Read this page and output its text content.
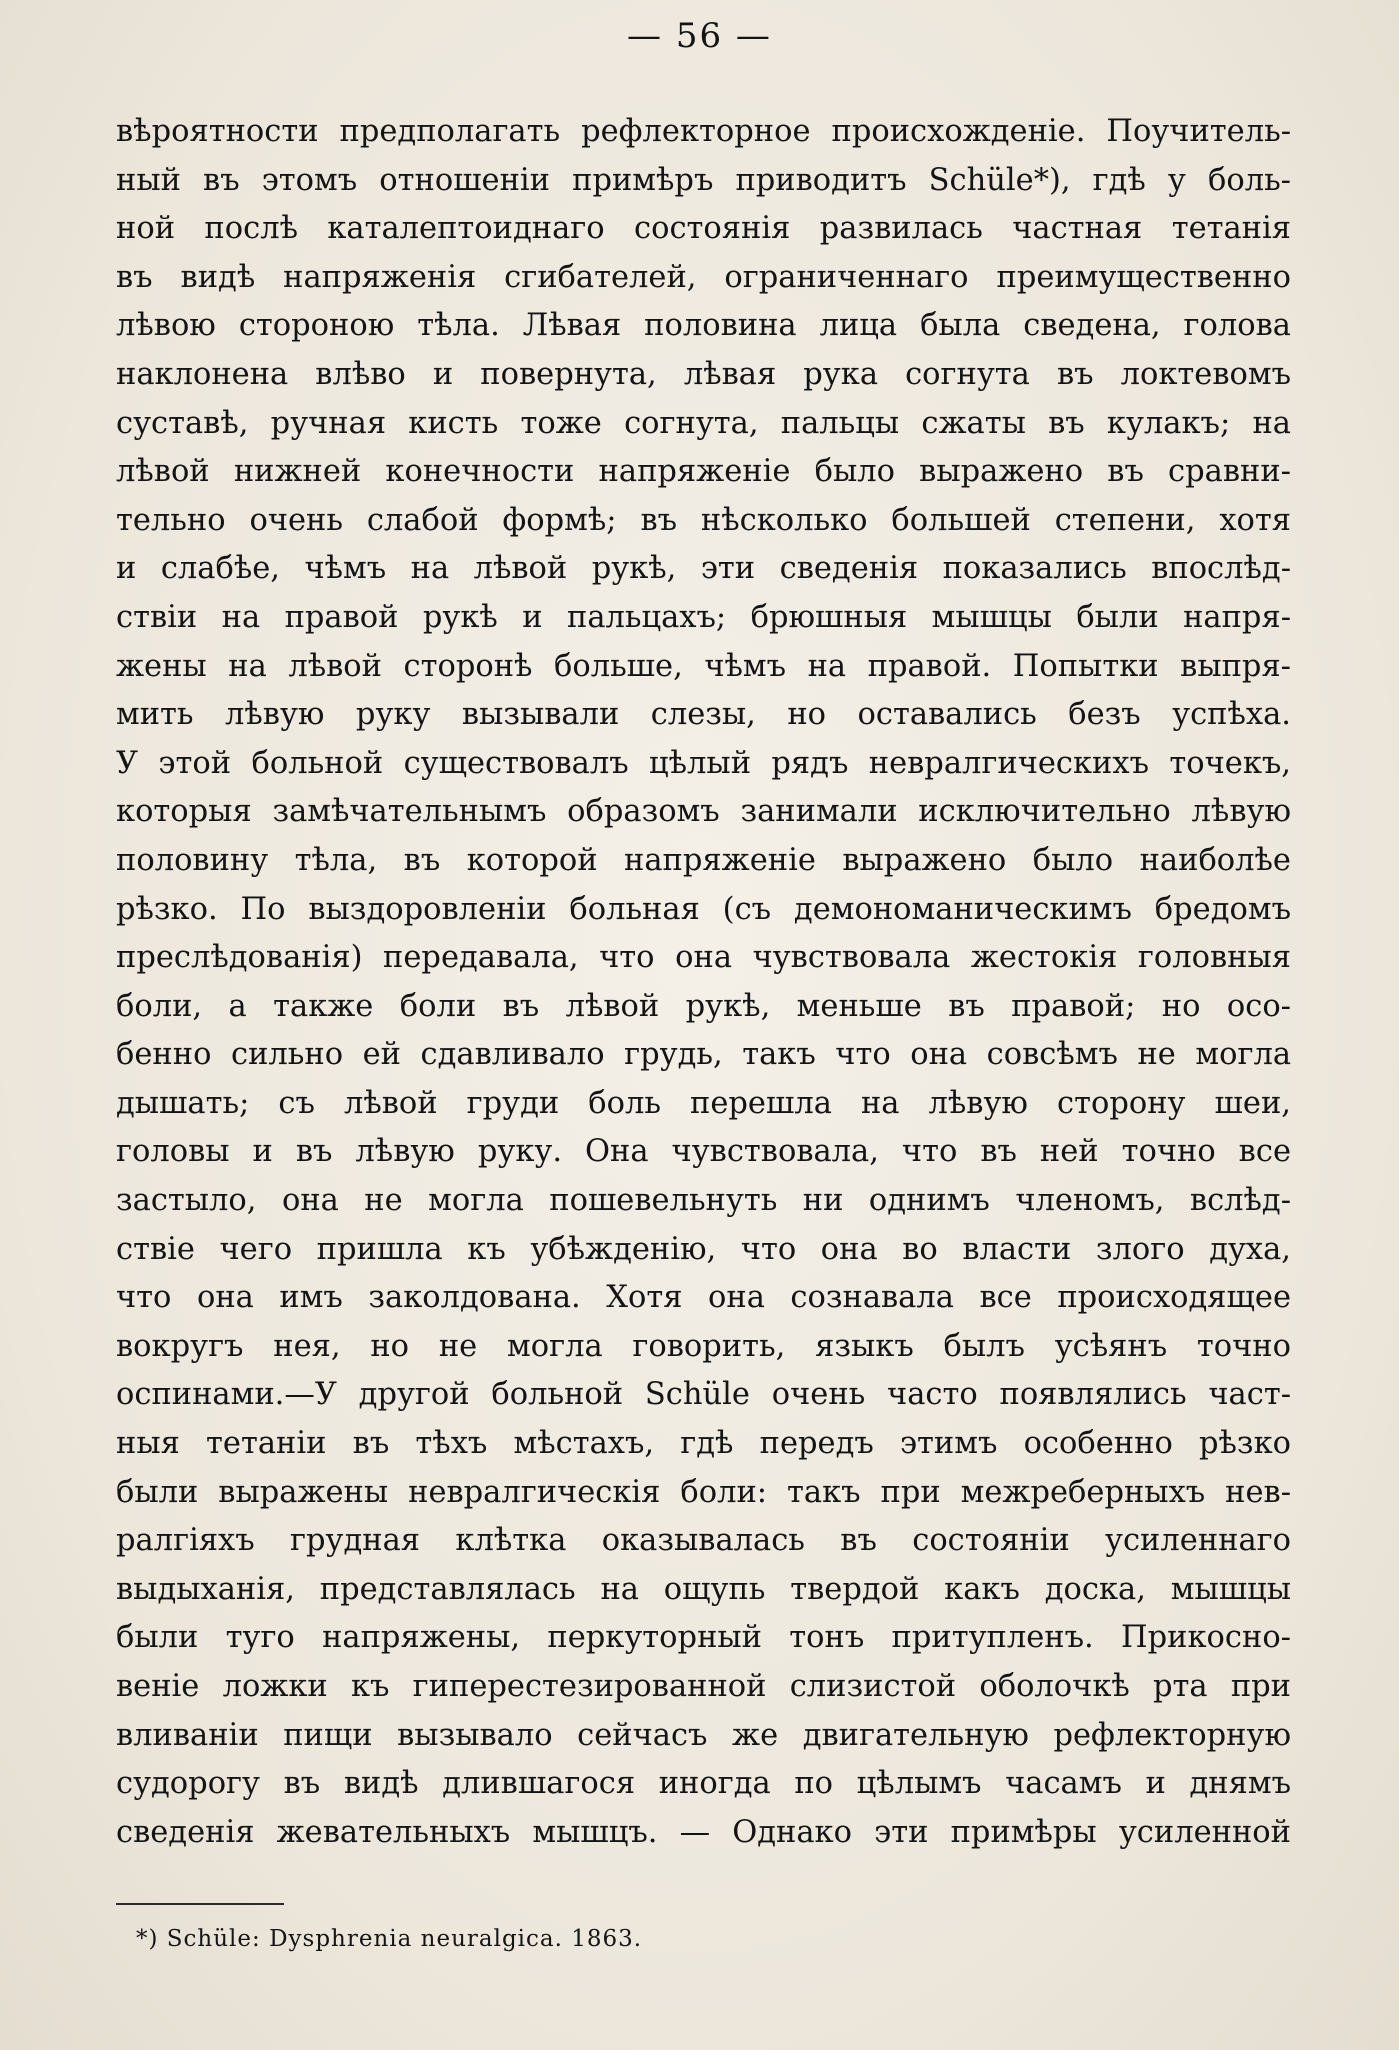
— 56 —
вѣроятности предполагать рефлекторное происхожденіе. Поучитель-
ный въ этомъ отношеніи примѣръ приводитъ Schüle*), гдѣ у боль-
ной послѣ каталептоиднаго состоянія развилась частная тетанія
въ видѣ напряженія сгибателей, ограниченнаго преимущественно
лѣвою стороною тѣла. Лѣвая половина лица была сведена, голова
наклонена влѣво и повернута, лѣвая рука согнута въ локтевомъ
суставѣ, ручная кисть тоже согнута, пальцы сжаты въ кулакъ; на
лѣвой нижней конечности напряженіе было выражено въ сравни-
тельно очень слабой формѣ; въ нѣсколько большей степени, хотя
и слабѣе, чѣмъ на лѣвой рукѣ, эти сведенія показались впослѣд-
ствіи на правой рукѣ и пальцахъ; брюшныя мышцы были напря-
жены на лѣвой сторонѣ больше, чѣмъ на правой. Попытки выпря-
мить лѣвую руку вызывали слезы, но оставались безъ успѣха.
У этой больной существовалъ цѣлый рядъ невралгическихъ точекъ,
которыя замѣчательнымъ образомъ занимали исключительно лѣвую
половину тѣла, въ которой напряженіе выражено было наиболѣе
рѣзко. По выздоровленіи больная (съ демономаническимъ бредомъ
преслѣдованія) передавала, что она чувствовала жестокія головныя
боли, а также боли въ лѣвой рукѣ, меньше въ правой; но осо-
бенно сильно ей сдавливало грудь, такъ что она совсѣмъ не могла
дышать; съ лѣвой груди боль перешла на лѣвую сторону шеи,
головы и въ лѣвую руку. Она чувствовала, что въ ней точно все
застыло, она не могла пошевельнуть ни однимъ членомъ, вслѣд-
ствіе чего пришла къ убѣжденію, что она во власти злого духа,
что она имъ заколдована. Хотя она сознавала все происходящее
вокругъ нея, но не могла говорить, языкъ былъ усѣянъ точно
оспинами.—У другой больной Schüle очень часто появлялись част-
ныя тетаніи въ тѣхъ мѣстахъ, гдѣ передъ этимъ особенно рѣзко
были выражены невралгическія боли: такъ при межреберныхъ нев-
ралгіяхъ грудная клѣтка оказывалась въ состояніи усиленнаго
выдыханія, представлялась на ощупь твердой какъ доска, мышцы
были туго напряжены, перкуторный тонъ притупленъ. Прикосно-
веніе ложки къ гиперестезированной слизистой оболочкѣ рта при
вливаніи пищи вызывало сейчасъ же двигательную рефлекторную
судорогу въ видѣ длившагося иногда по цѣлымъ часамъ и днямъ
сведенія жевательныхъ мышцъ. — Однако эти примѣры усиленной
*) Schüle: Dysphrenia neuralgica. 1863.
